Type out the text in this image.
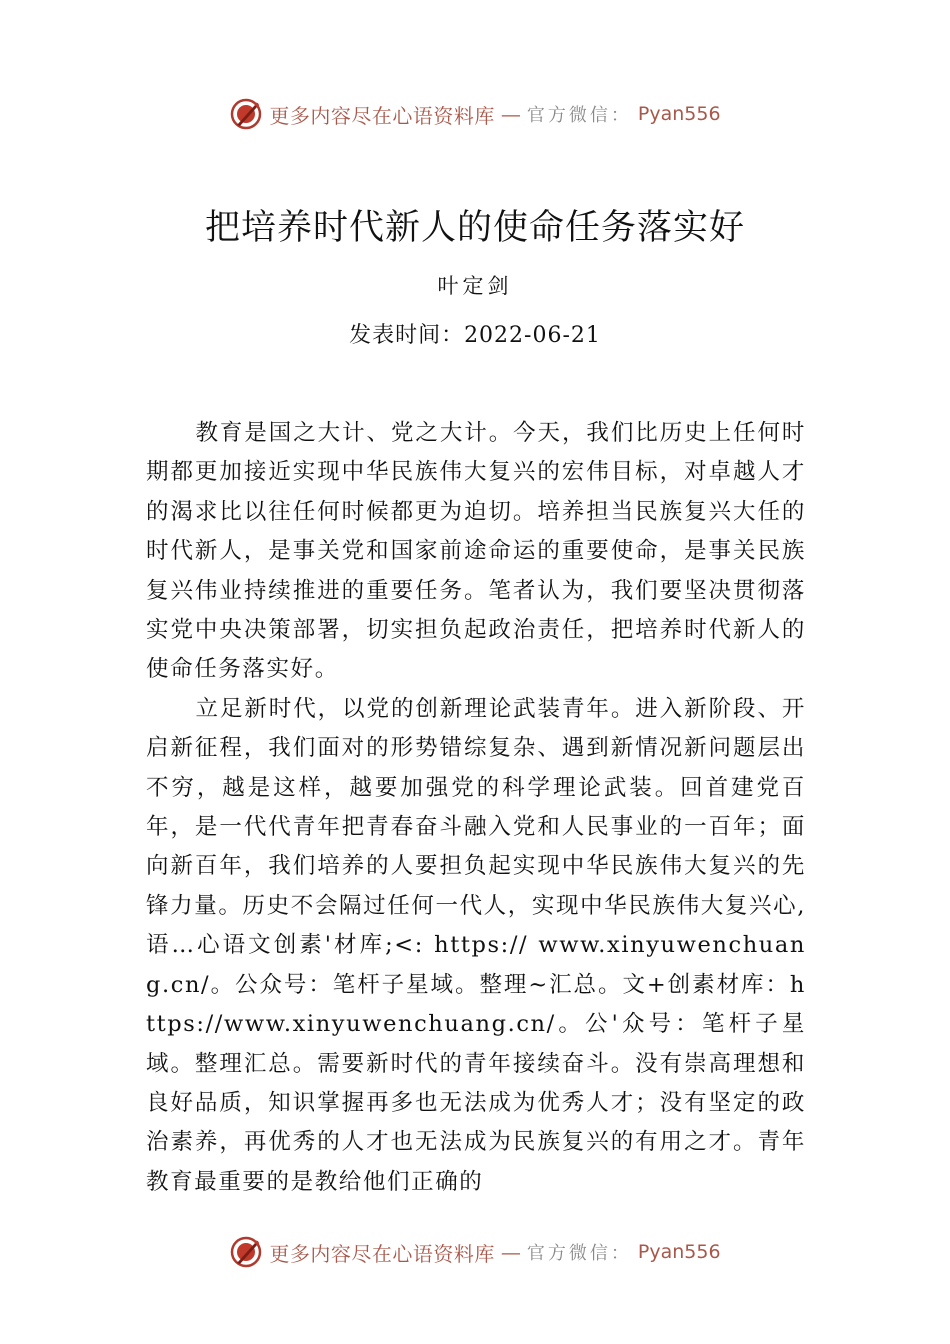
更多内容尽在心语资料库 — 官方微信： Pyan556
把培养时代新人的使命任务落实好
叶定剑
发表时间：2022-06-21

教育是国之大计、党之大计。今天，我们比历史上任何时期都更加接近实现中华民族伟大复兴的宏伟目标，对卓越人才的渴求比以往任何时候都更为迫切。培养担当民族复兴大任的时代新人，是事关党和国家前途命运的重要使命，是事关民族复兴伟业持续推进的重要任务。笔者认为，我们要坚决贯彻落实党中央决策部署，切实担负起政治责任，把培养时代新人的使命任务落实好。

立足新时代，以党的创新理论武装青年。进入新阶段、开启新征程，我们面对的形势错综复杂、遇到新情况新问题层出不穷，越是这样，越要加强党的科学理论武装。回首建党百年，是一代代青年把青春奋斗融入党和人民事业的一百年；面向新百年，我们培养的人要担负起实现中华民族伟大复兴的先锋力量。历史不会隔过任何一代人，实现中华民族伟大复兴心,语…心语文创素'材库;<: https:// www.xinyuwenchuang.cn/。公众号：笔杆子星域。整理~汇总。文+创素材库：https://www.xinyuwenchuang.cn/。公'众号：笔杆子星域。整理汇总。需要新时代的青年接续奋斗。没有崇高理想和良好品质，知识掌握再多也无法成为优秀人才；没有坚定的政治素养，再优秀的人才也无法成为民族复兴的有用之才。青年教育最重要的是教给他们正确的

更多内容尽在心语资料库 — 官方微信： Pyan556
